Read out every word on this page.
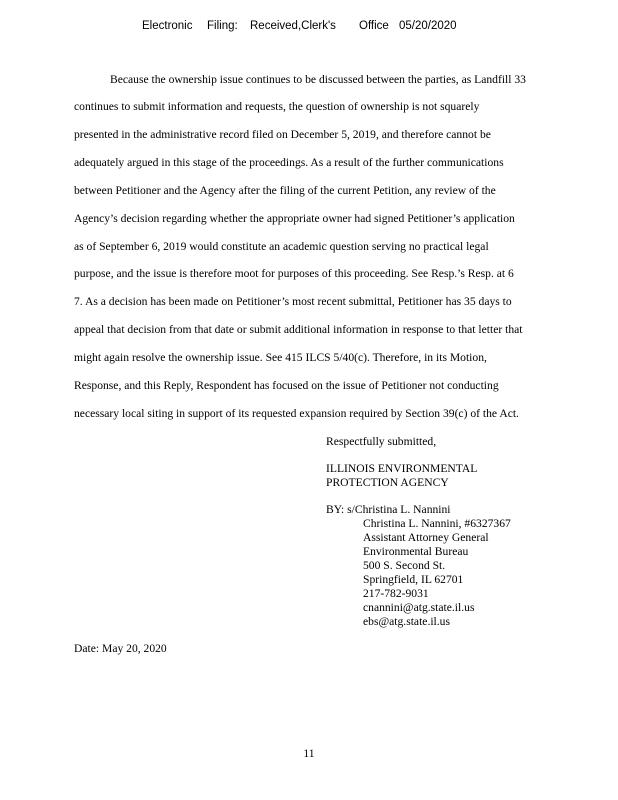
Electronic Filing: Received,Clerk's Office 05/20/2020
Because the ownership issue continues to be discussed between the parties, as Landfill 33
continues to submit information and requests, the question of ownership is not squarely
presented in the administrative record filed on December 5, 2019, and therefore cannot be
adequately argued in this stage of the proceedings. As a result of the further communications
between Petitioner and the Agency after the filing of the current Petition, any review of the
Agency’s decision regarding whether the appropriate owner had signed Petitioner’s application
as of September 6, 2019 would constitute an academic question serving no practical legal
purpose, and the issue is therefore moot for purposes of this proceeding. See Resp.’s Resp. at 6
7. As a decision has been made on Petitioner’s most recent submittal, Petitioner has 35 days to
appeal that decision from that date or submit additional information in response to that letter that
might again resolve the ownership issue. See 415 ILCS 5/40(c). Therefore, in its Motion,
Response, and this Reply, Respondent has focused on the issue of Petitioner not conducting
necessary local siting in support of its requested expansion required by Section 39(c) of the Act.
Respectfully submitted,
ILLINOIS ENVIRONMENTAL
PROTECTION AGENCY
BY: s/Christina L. Nannini
Christina L. Nannini, #6327367
Assistant Attorney General
Environmental Bureau
500 S. Second St.
Springfield, IL 62701
217-782-9031
cnannini@atg.state.il.us
ebs@atg.state.il.us
Date: May 20, 2020
11
